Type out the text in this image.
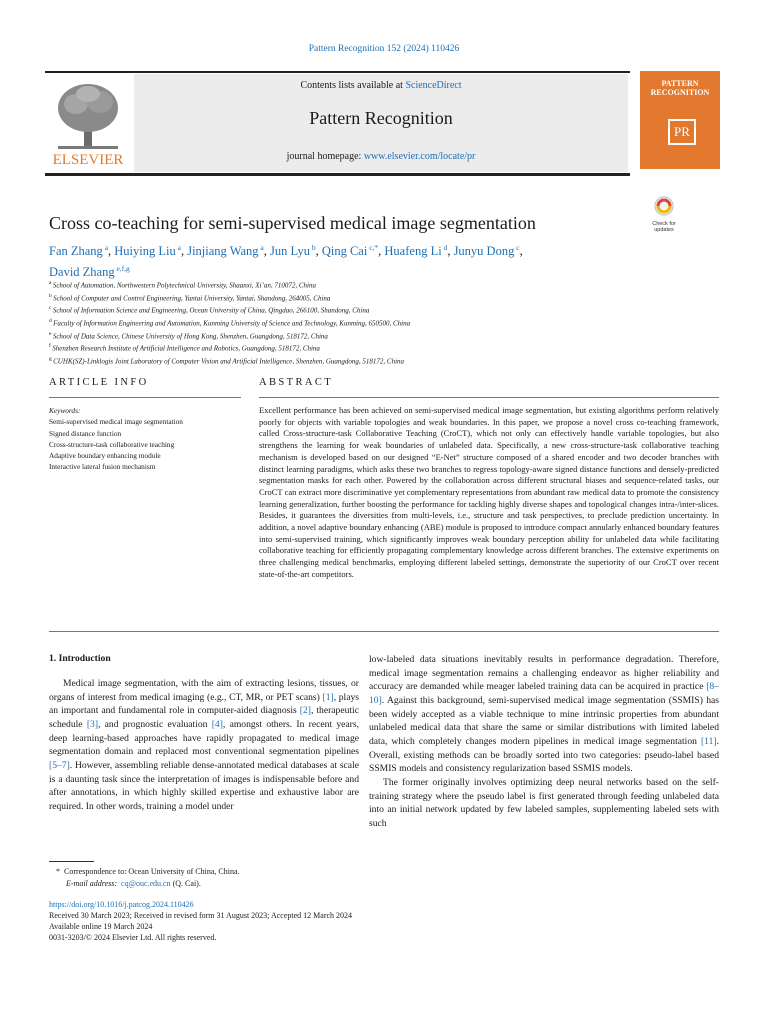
Pattern Recognition 152 (2024) 110426
ELSEVIER
Contents lists available at ScienceDirect
Pattern Recognition
journal homepage: www.elsevier.com/locate/pr
PATTERN RECOGNITION
PR
Check for updates
Cross co-teaching for semi-supervised medical image segmentation
Fan Zhang $^a$, Huiying Liu $^a$, Jinjiang Wang $^a$, Jun Lyu $^b$, Qing Cai $^{c,*}$, Huafeng Li $^d$, Junyu Dong $^c$,
David Zhang $^{e,f,g}$
$^a$ School of Automation, Northwestern Polytechnical University, Shaanxi, Xi’an, 710072, China
$^b$ School of Computer and Control Engineering, Yantai University, Yantai, Shandong, 264005, China
$^c$ School of Information Science and Engineering, Ocean University of China, Qingdao, 266100, Shandong, China
$^d$ Faculty of Information Engineering and Automation, Kunming University of Science and Technology, Kunming, 650500, China
$^e$ School of Data Science, Chinese University of Hong Kong, Shenzhen, Guangdong, 518172, China
$^f$ Shenzhen Research Institute of Artificial Intelligence and Robotics, Guangdong, 518172, China
$^g$ CUHK(SZ)-Linklogis Joint Laboratory of Computer Vision and Artificial Intelligence, Shenzhen, Guangdong, 518172, China
ARTICLE INFO	ABSTRACT
Keywords:
Semi-supervised medical image segmentation
Signed distance function
Cross-structure-task collaborative teaching
Adaptive boundary enhancing module
Interactive lateral fusion mechanism
Excellent performance has been achieved on semi-supervised medical image segmentation, but existing algorithms perform relatively poorly for objects with variable topologies and weak boundaries. In this paper, we propose a novel cross co-teaching framework, called Cross-structure-task Collaborative Teaching (CroCT), which not only can effectively handle variable topologies, but also strengthens the learning for weak boundaries of unlabeled data. Specifically, a new cross-structure-task collaborative teaching mechanism is developed based on our designed “E-Net” structure composed of a shared encoder and two decoder branches with distinct learning paradigms, which asks these two branches to regress topology-aware signed distance functions and densely-predicted segmentation masks for each other. Powered by the collaboration across different structural biases and sequence-related tasks, our CroCT can extract more discriminative yet complementary representations from abundant raw medical data to promote the consistency learning generalization, further boosting the performance for tackling highly diverse shapes and topological changes intra-/inter-slices. Besides, it guarantees the diversities from multi-levels, i.e., structure and task perspectives, to preclude prediction uncertainty. In addition, a novel adaptive boundary enhancing (ABE) module is proposed to introduce compact annularly enhanced boundary features into semi-supervised training, which significantly improves weak boundary perception ability for unlabeled data while facilitating collaborative teaching for efficiently propagating complementary knowledge across different branches. The extensive experiments on three challenging medical benchmarks, employing different labeled settings, demonstrate the superiority of our CroCT over recent state-of-the-art competitors.
1. Introduction

Medical image segmentation, with the aim of extracting lesions, tissues, or organs of interest from medical imaging (e.g., CT, MR, or PET scans) [1], plays an important and fundamental role in computer-aided diagnosis [2], therapeutic schedule [3], and prognostic evaluation [4], amongst others. In recent years, deep learning-based approaches have rapidly propagated to medical image segmentation domain and replaced most conventional segmentation pipelines [5–7]. However, assembling reliable dense-annotated medical databases at scale is a daunting task since the interpretation of images is indispensable before and after annotations, in which highly skilled expertise and exhaustive labor are required. In other words, training a model under

low-labeled data situations inevitably results in performance degradation. Therefore, medical image segmentation remains a challenging endeavor as higher reliability and accuracy are demanded while meager labeled training data can be acquired in practice [8–10]. Against this background, semi-supervised medical image segmentation (SSMIS) has been widely accepted as a viable technique to mine intrinsic properties from abundant unlabeled medical data that share the same or similar distributions with limited labeled data, which completely changes modern pipelines in medical image segmentation [11]. Overall, existing methods can be broadly sorted into two categories: pseudo-label based SSMIS models and consistency regularization based SSMIS models.

The former originally involves optimizing deep neural networks based on the self-training strategy where the pseudo label is first generated through feeding unlabeled data into an initial network updated by few labeled samples, supplementing labeled sets with such

* Correspondence to: Ocean University of China, China.
E-mail address: cq@ouc.edu.cn (Q. Cai).
https://doi.org/10.1016/j.patcog.2024.110426
Received 30 March 2023; Received in revised form 31 August 2023; Accepted 12 March 2024
Available online 19 March 2024
0031-3203/© 2024 Elsevier Ltd. All rights reserved.
